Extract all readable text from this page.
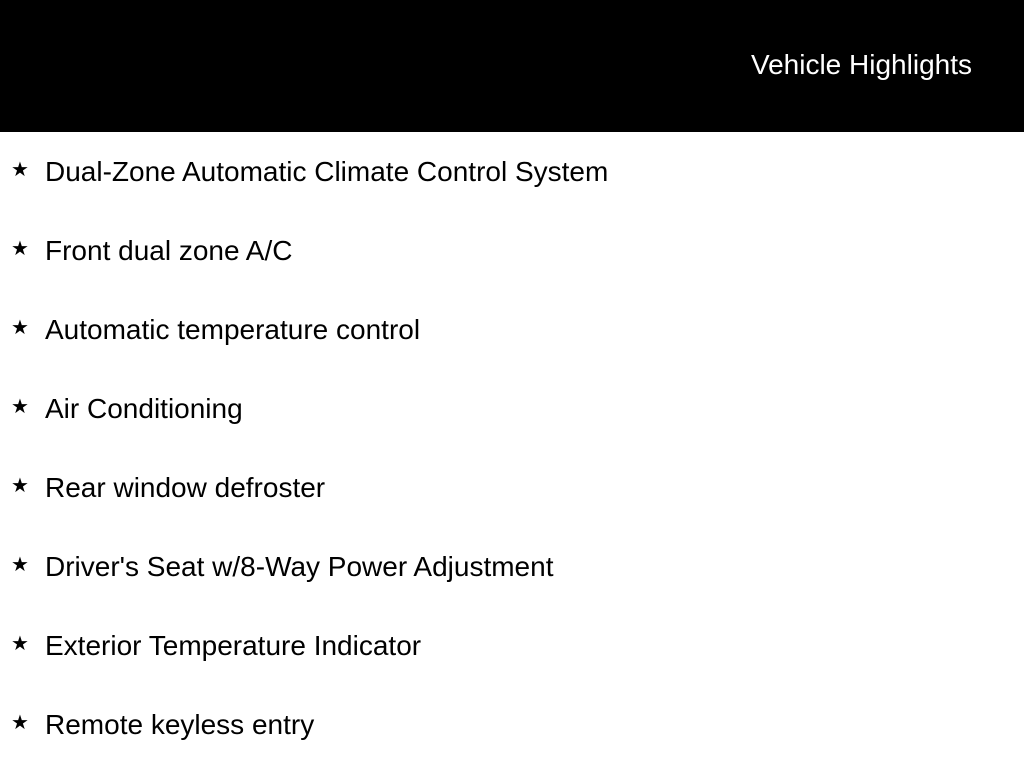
Vehicle Highlights
★ Dual-Zone Automatic Climate Control System
★ Front dual zone A/C
★ Automatic temperature control
★ Air Conditioning
★ Rear window defroster
★ Driver's Seat w/8-Way Power Adjustment
★ Exterior Temperature Indicator
★ Remote keyless entry
